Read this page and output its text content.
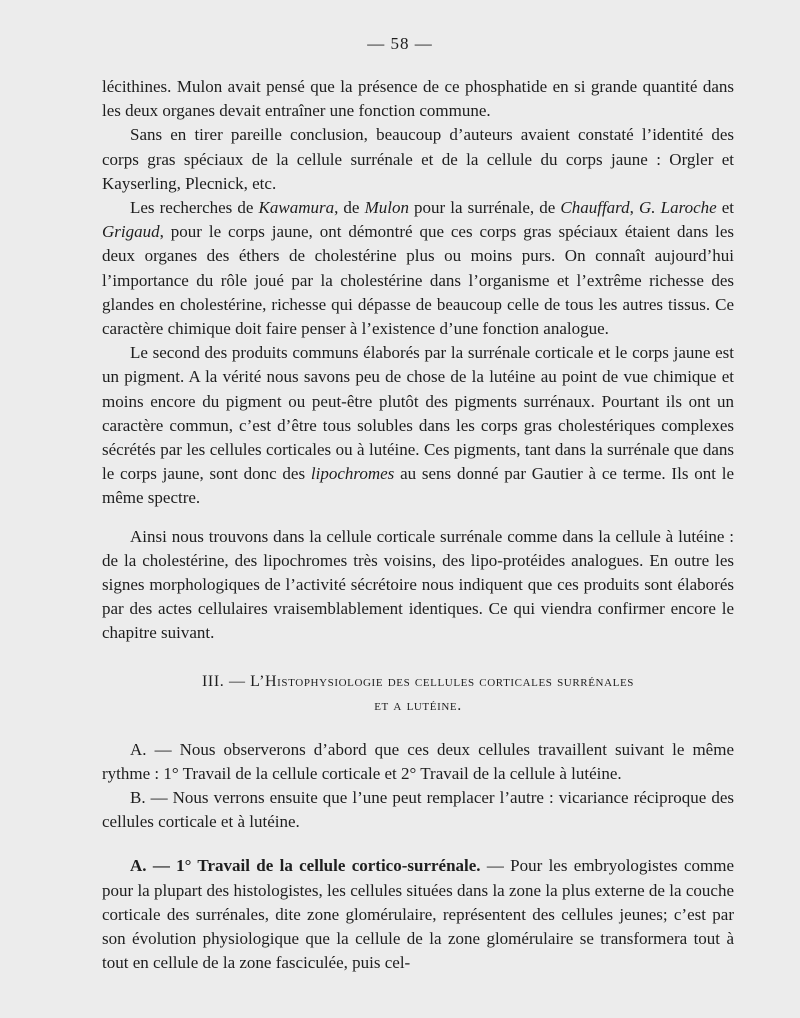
— 58 —

lécithines. Mulon avait pensé que la présence de ce phosphatide en si grande quantité dans les deux organes devait entraîner une fonction commune.

Sans en tirer pareille conclusion, beaucoup d’auteurs avaient constaté l’identité des corps gras spéciaux de la cellule surrénale et de la cellule du corps jaune : Orgler et Kayserling, Plecnick, etc.

Les recherches de Kawamura, de Mulon pour la surrénale, de Chauffard, G. Laroche et Grigaud, pour le corps jaune, ont démontré que ces corps gras spéciaux étaient dans les deux organes des éthers de cholestérine plus ou moins purs. On connaît aujourd’hui l’importance du rôle joué par la cholestérine dans l’organisme et l’extrême richesse des glandes en cholestérine, richesse qui dépasse de beaucoup celle de tous les autres tissus. Ce caractère chimique doit faire penser à l’existence d’une fonction analogue.

Le second des produits communs élaborés par la surrénale corticale et le corps jaune est un pigment. A la vérité nous savons peu de chose de la lutéine au point de vue chimique et moins encore du pigment ou peut-être plutôt des pigments surrénaux. Pourtant ils ont un caractère commun, c’est d’être tous solubles dans les corps gras cholestériques complexes sécrétés par les cellules corticales ou à lutéine. Ces pigments, tant dans la surrénale que dans le corps jaune, sont donc des lipochromes au sens donné par Gautier à ce terme. Ils ont le même spectre.

Ainsi nous trouvons dans la cellule corticale surrénale comme dans la cellule à lutéine : de la cholestérine, des lipochromes très voisins, des lipo-protéides analogues. En outre les signes morphologiques de l’activité sécrétoire nous indiquent que ces produits sont élaborés par des actes cellulaires vraisemblablement identiques. Ce qui viendra confirmer encore le chapitre suivant.

III. — L’Histophysiologie des cellules corticales surrénales
et a lutéine.

A. — Nous observerons d’abord que ces deux cellules travaillent suivant le même rythme : 1° Travail de la cellule corticale et 2° Travail de la cellule à lutéine.

B. — Nous verrons ensuite que l’une peut remplacer l’autre : vicariance réciproque des cellules corticale et à lutéine.

A. — 1° Travail de la cellule cortico-surrénale. — Pour les embryologistes comme pour la plupart des histologistes, les cellules situées dans la zone la plus externe de la couche corticale des surrénales, dite zone glomérulaire, représentent des cellules jeunes; c’est par son évolution physiologique que la cellule de la zone glomérulaire se transformera tout à tout en cellule de la zone fasciculée, puis cel-
